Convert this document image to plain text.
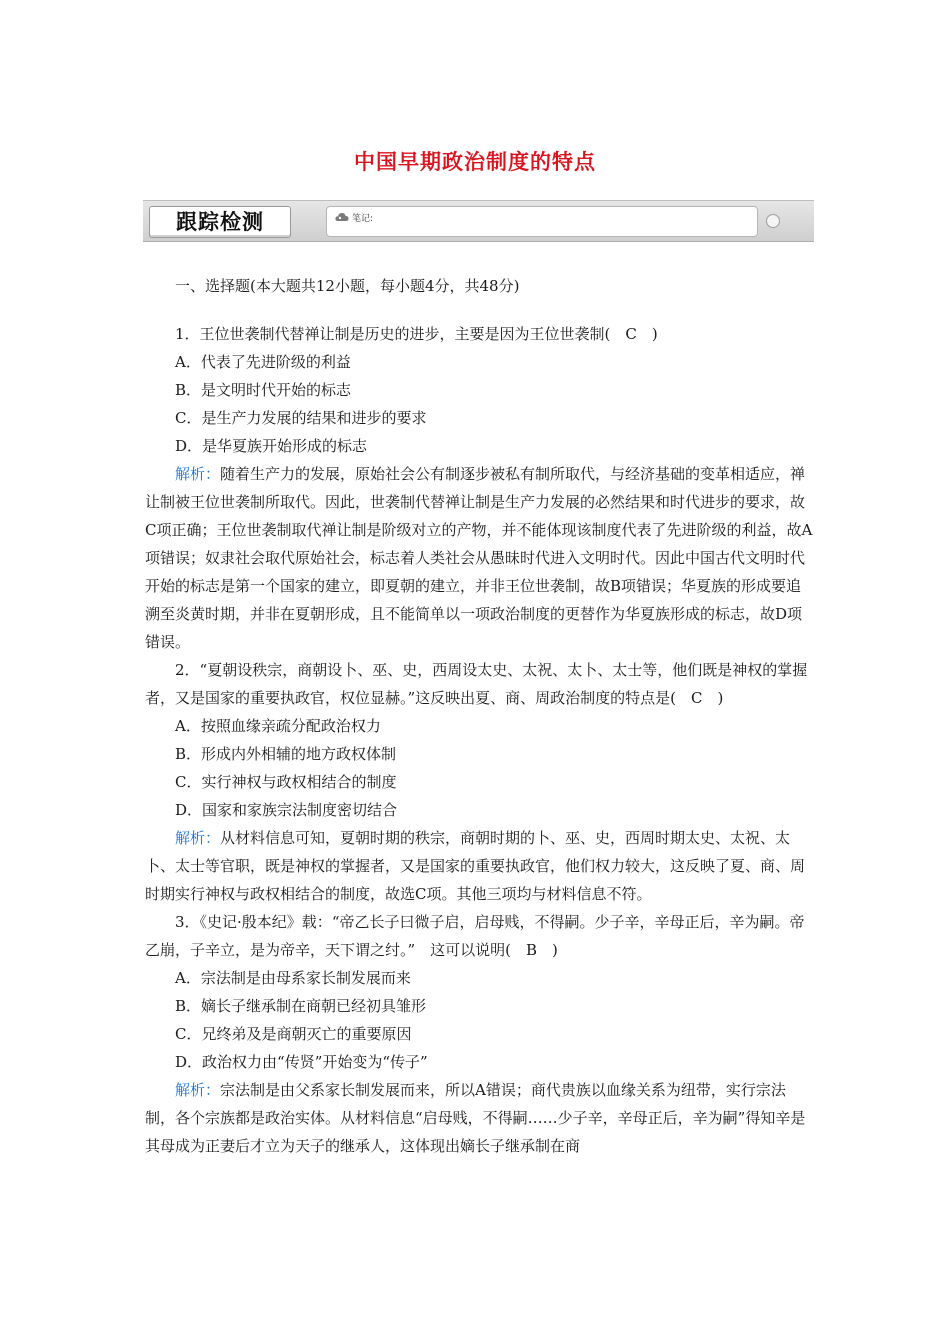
中国早期政治制度的特点
跟踪检测	笔记:

一、选择题(本大题共12小题，每小题4分，共48分)

1．王位世袭制代替禅让制是历史的进步，主要是因为王位世袭制(　C　)

A．代表了先进阶级的利益

B．是文明时代开始的标志

C．是生产力发展的结果和进步的要求

D．是华夏族开始形成的标志

解析：随着生产力的发展，原始社会公有制逐步被私有制所取代，与经济基础的变革相适应，禅让制被王位世袭制所取代。因此，世袭制代替禅让制是生产力发展的必然结果和时代进步的要求，故C项正确；王位世袭制取代禅让制是阶级对立的产物，并不能体现该制度代表了先进阶级的利益，故A项错误；奴隶社会取代原始社会，标志着人类社会从愚昧时代进入文明时代。因此中国古代文明时代开始的标志是第一个国家的建立，即夏朝的建立，并非王位世袭制，故B项错误；华夏族的形成要追溯至炎黄时期，并非在夏朝形成，且不能简单以一项政治制度的更替作为华夏族形成的标志，故D项错误。

2．“夏朝设秩宗，商朝设卜、巫、史，西周设太史、太祝、太卜、太士等，他们既是神权的掌握者，又是国家的重要执政官，权位显赫。”这反映出夏、商、周政治制度的特点是(　C　)

A．按照血缘亲疏分配政治权力

B．形成内外相辅的地方政权体制

C．实行神权与政权相结合的制度

D．国家和家族宗法制度密切结合

解析：从材料信息可知，夏朝时期的秩宗，商朝时期的卜、巫、史，西周时期太史、太祝、太卜、太士等官职，既是神权的掌握者，又是国家的重要执政官，他们权力较大，这反映了夏、商、周时期实行神权与政权相结合的制度，故选C项。其他三项均与材料信息不符。

3．《史记·殷本纪》载：“帝乙长子曰微子启，启母贱，不得嗣。少子辛，辛母正后，辛为嗣。帝乙崩，子辛立，是为帝辛，天下谓之纣。”　这可以说明(　B　)

A．宗法制是由母系家长制发展而来

B．嫡长子继承制在商朝已经初具雏形

C．兄终弟及是商朝灭亡的重要原因

D．政治权力由“传贤”开始变为“传子”

解析：宗法制是由父系家长制发展而来，所以A错误；商代贵族以血缘关系为纽带，实行宗法制，各个宗族都是政治实体。从材料信息“启母贱，不得嗣……少子辛，辛母正后，辛为嗣”得知辛是其母成为正妻后才立为天子的继承人，这体现出嫡长子继承制在商
